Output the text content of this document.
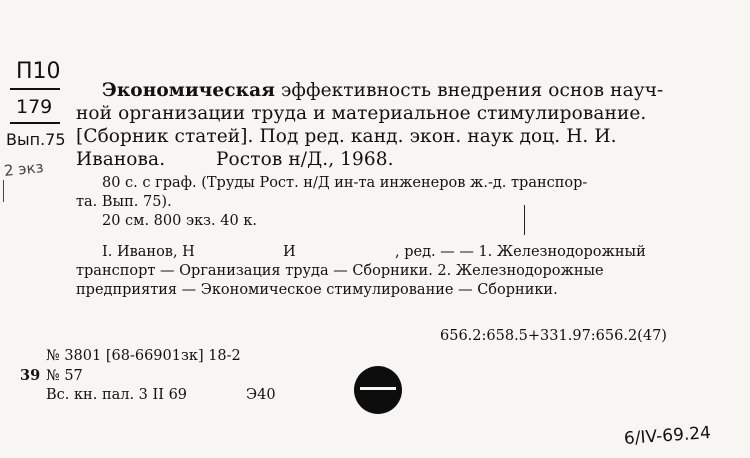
П10
179
Вып.75
2 экз
Экономическая эффективность внедрения основ науч-
ной организации труда и материальное стимулирование.
[Сборник статей]. Под ред. канд. экон. наук доц. Н. И.
Иванова.	Ростов н/Д., 1968.
80 с. с граф. (Труды Рост. н/Д ин-та инженеров ж.-д. транспор-
та. Вып. 75).
20 см. 800 экз. 40 к.
I. Иванов, Н	И	, ред. — — 1. Железнодорожный
транспорт — Организация труда — Сборники. 2. Железнодорожные
предприятия — Экономическое стимулирование — Сборники.
656.2:658.5+331.97:656.2(47)
№ 3801 [68-66901зк] 18-2
39 № 57
Вс. кн. пал. 3 II 69	Э40
6/IV-69.24
